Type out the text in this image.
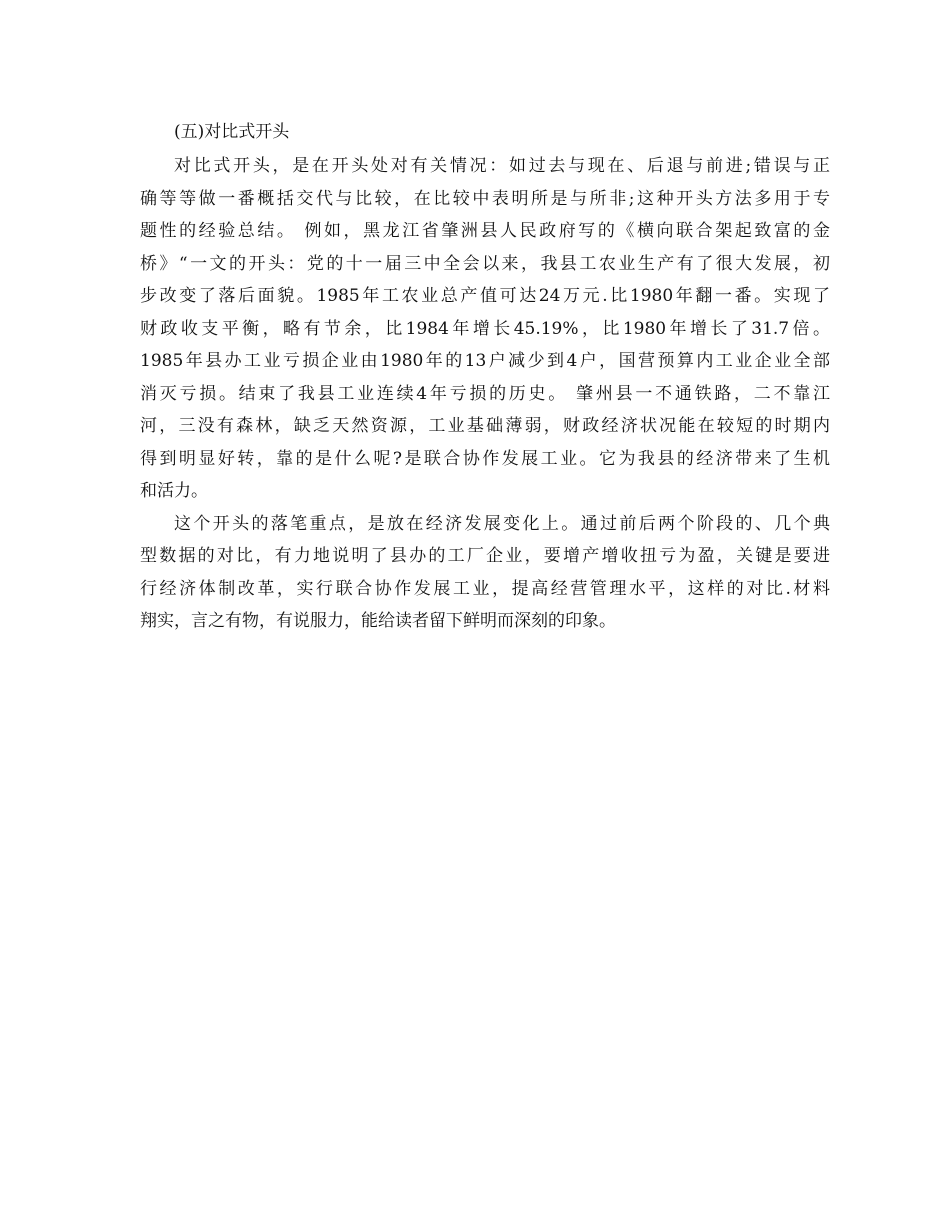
(五)对比式开头
对比式开头，是在开头处对有关情况：如过去与现在、后退与前进;错误与正
确等等做一番概括交代与比较，在比较中表明所是与所非;这种开头方法多用于专
题性的经验总结。 例如，黑龙江省肇洲县人民政府写的《横向联合架起致富的金
桥》“一文的开头：党的十一届三中全会以来，我县工农业生产有了很大发展，初
步改变了落后面貌。1985年工农业总产值可达24万元.比1980年翻一番。实现了
财政收支平衡，略有节余，比1984年增长45.19%，比1980年增长了31.7倍。
1985年县办工业亏损企业由1980年的13户减少到4户，国营预算内工业企业全部
消灭亏损。结束了我县工业连续4年亏损的历史。 肇州县一不通铁路，二不靠江
河，三没有森林，缺乏天然资源，工业基础薄弱，财政经济状况能在较短的时期内
得到明显好转，靠的是什么呢?是联合协作发展工业。它为我县的经济带来了生机
和活力。
这个开头的落笔重点，是放在经济发展变化上。通过前后两个阶段的、几个典
型数据的对比，有力地说明了县办的工厂企业，要增产增收扭亏为盈，关键是要进
行经济体制改革，实行联合协作发展工业，提高经营管理水平，这样的对比.材料
翔实，言之有物，有说服力，能给读者留下鲜明而深刻的印象。
